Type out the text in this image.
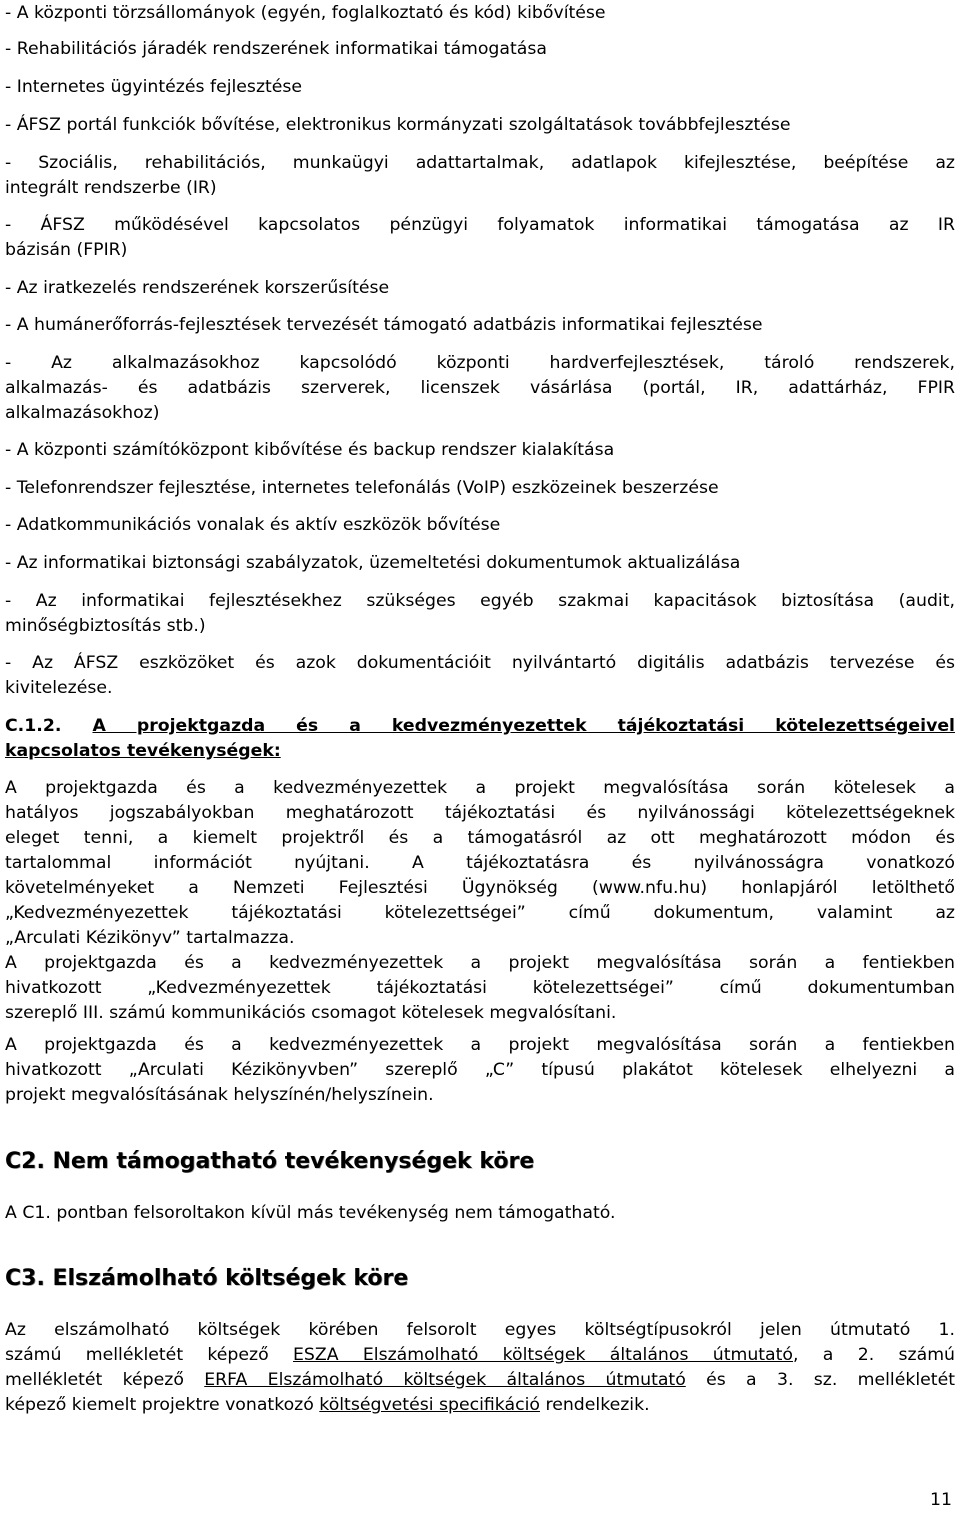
- A központi törzsállományok (egyén, foglalkoztató és kód) kibővítése
- Rehabilitációs járadék rendszerének informatikai támogatása
- Internetes ügyintézés fejlesztése
- ÁFSZ portál funkciók bővítése, elektronikus kormányzati szolgáltatások továbbfejlesztése
- Szociális, rehabilitációs, munkaügyi adattartalmak, adatlapok kifejlesztése, beépítése az
integrált rendszerbe (IR)
- ÁFSZ működésével kapcsolatos pénzügyi folyamatok informatikai támogatása az IR
bázisán (FPIR)
- Az iratkezelés rendszerének korszerűsítése
- A humánerőforrás-fejlesztések tervezését támogató adatbázis informatikai fejlesztése
- Az alkalmazásokhoz kapcsolódó központi hardverfejlesztések, tároló rendszerek,
alkalmazás- és adatbázis szerverek, licenszek vásárlása (portál, IR, adattárház, FPIR
alkalmazásokhoz)
- A központi számítóközpont kibővítése és backup rendszer kialakítása
- Telefonrendszer fejlesztése, internetes telefonálás (VoIP) eszközeinek beszerzése
- Adatkommunikációs vonalak és aktív eszközök bővítése
- Az informatikai biztonsági szabályzatok, üzemeltetési dokumentumok aktualizálása
- Az informatikai fejlesztésekhez szükséges egyéb szakmai kapacitások biztosítása (audit,
minőségbiztosítás stb.)
- Az ÁFSZ eszközöket és azok dokumentációit nyilvántartó digitális adatbázis tervezése és
kivitelezése.
C.1.2. A projektgazda és a kedvezményezettek tájékoztatási kötelezettségeivel
kapcsolatos tevékenységek:
A projektgazda és a kedvezményezettek a projekt megvalósítása során kötelesek a
hatályos jogszabályokban meghatározott tájékoztatási és nyilvánossági kötelezettségeknek
eleget tenni, a kiemelt projektről és a támogatásról az ott meghatározott módon és
tartalommal információt nyújtani. A tájékoztatásra és nyilvánosságra vonatkozó
követelményeket a Nemzeti Fejlesztési Ügynökség (www.nfu.hu) honlapjáról letölthető
„Kedvezményezettek tájékoztatási kötelezettségei” című dokumentum, valamint az
„Arculati Kézikönyv” tartalmazza.
A projektgazda és a kedvezményezettek a projekt megvalósítása során a fentiekben
hivatkozott „Kedvezményezettek tájékoztatási kötelezettségei” című dokumentumban
szereplő III. számú kommunikációs csomagot kötelesek megvalósítani.
A projektgazda és a kedvezményezettek a projekt megvalósítása során a fentiekben
hivatkozott „Arculati Kézikönyvben” szereplő „C” típusú plakátot kötelesek elhelyezni a
projekt megvalósításának helyszínén/helyszínein.
C2. Nem támogatható tevékenységek köre
A C1. pontban felsoroltakon kívül más tevékenység nem támogatható.
C3. Elszámolható költségek köre
Az elszámolható költségek körében felsorolt egyes költségtípusokról jelen útmutató 1.
számú mellékletét képező ESZA Elszámolható költségek általános útmutató, a 2. számú
mellékletét képező ERFA Elszámolható költségek általános útmutató és a 3. sz. mellékletét
képező kiemelt projektre vonatkozó költségvetési specifikáció rendelkezik.
11
